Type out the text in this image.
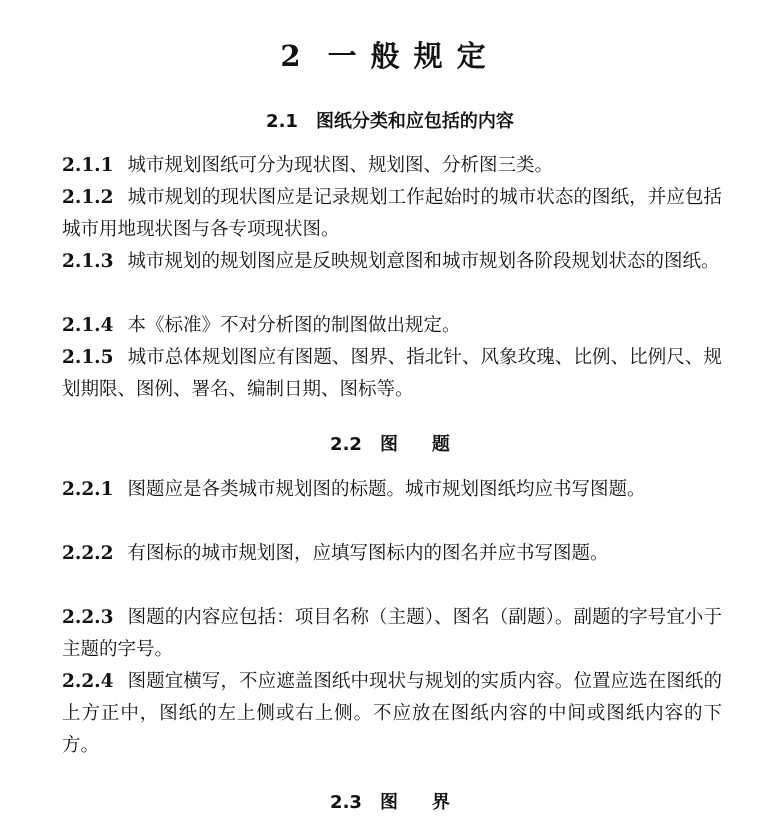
2 一般规定
2.1 图纸分类和应包括的内容
2.1.1 城市规划图纸可分为现状图、规划图、分析图三类。
2.1.2 城市规划的现状图应是记录规划工作起始时的城市状态的图纸，并应包括城市用地现状图与各专项现状图。
2.1.3 城市规划的规划图应是反映规划意图和城市规划各阶段规划状态的图纸。
2.1.4 本《标准》不对分析图的制图做出规定。
2.1.5 城市总体规划图应有图题、图界、指北针、风象玫瑰、比例、比例尺、规划期限、图例、署名、编制日期、图标等。
2.2 图题
2.2.1 图题应是各类城市规划图的标题。城市规划图纸均应书写图题。
2.2.2 有图标的城市规划图，应填写图标内的图名并应书写图题。
2.2.3 图题的内容应包括：项目名称（主题）、图名（副题）。副题的字号宜小于主题的字号。
2.2.4 图题宜横写，不应遮盖图纸中现状与规划的实质内容。位置应选在图纸的上方正中，图纸的左上侧或右上侧。不应放在图纸内容的中间或图纸内容的下方。
2.3 图界
